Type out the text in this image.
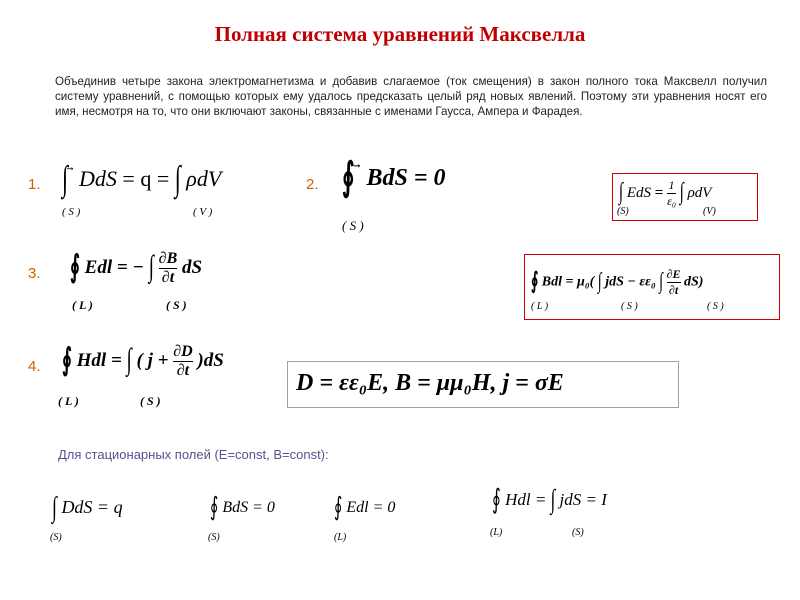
Полная система уравнений Максвелла
Объединив четыре закона электромагнетизма и добавив слагаемое (ток смещения) в закон полного тока Максвелл получил систему уравнений, с помощью которых ему удалось предсказать целый ряд новых явлений. Поэтому эти уравнения носят его имя, несмотря на то, что они включают законы, связанные с именами Гаусса, Ампера и Фарадея.
1. ∫ DdS = q = ∫ ρdV
( S )	( V )
2. ∮ BdS = 0
( S )
∫ EdS = $\frac{1}{\text{ε₀}}$ ∫ ρdV
(S)	(V)
3. ∮ Edl = − ∫ $\frac{\partial B}{\partial t}$ dS
( L )	( S )
∮ Bdl = μ₀( ∫ jdS − εε₀ ∫ $\frac{\partial E}{\partial t} dS$)
( L )	( S )	( S )
4. ∮ Hdl = ∫ ( $j + \frac{\partial D}{\partial t} )dS$
( L )	( S )
D = εε₀E, B = μμ₀H, j = σE
Для стационарных полей (E=const, B=const):
∫ DdS = q
(S)
∮ BdS = 0
(S)
∮ Edl = 0
(L)
∮ Hdl = ∫ jdS = I
(L)	(S)
